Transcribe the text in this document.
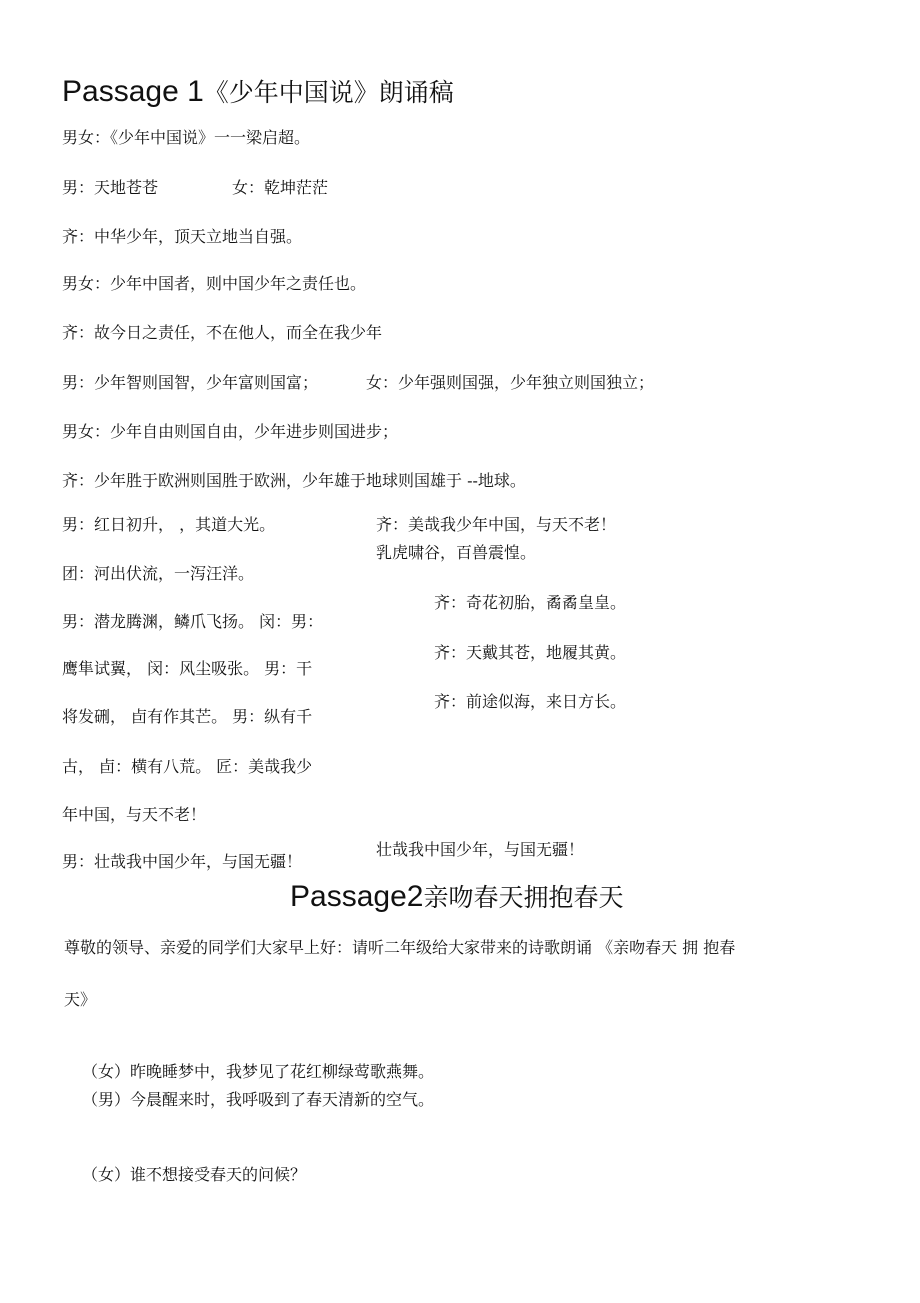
Passage 1《少年中国说》朗诵稿
男女：《少年中国说》一一梁启超。
男：天地苍苍	女：乾坤茫茫
齐：中华少年，顶天立地当自强。
男女：少年中国者，则中国少年之责任也。
齐：故今日之责任，不在他人，而全在我少年
男：少年智则国智，少年富则国富；	女：少年强则国强，少年独立则国独立；
男女：少年自由则国自由，少年进步则国进步；
齐：少年胜于欧洲则国胜于欧洲，少年雄于地球则国雄于 --地球。
男：红日初升， ，其道大光。
团：河出伏流，一泻汪洋。
男：潜龙腾渊，鳞爪飞扬。 闵：男：
鹰隼试翼， 闵：风尘吸张。 男：干
将发硎， 卣有作其芒。 男：纵有千
古， 卣：横有八荒。 匠：美哉我少
年中国，与天不老！
男：壮哉我中国少年，与国无疆！
齐：美哉我少年中国，与天不老！
乳虎啸谷，百兽震惶。
齐：奇花初胎，矞矞皇皇。
齐：天戴其苍，地履其黄。
齐：前途似海，来日方长。
壮哉我中国少年，与国无疆！
Passage2亲吻春天拥抱春天
尊敬的领导、亲爱的同学们大家早上好：请听二年级给大家带来的诗歌朗诵 《亲吻春天 拥 抱春
天》
（女）昨晚睡梦中，我梦见了花红柳绿莺歌燕舞。
（男）今晨醒来时，我呼吸到了春天清新的空气。
（女）谁不想接受春天的问候？
